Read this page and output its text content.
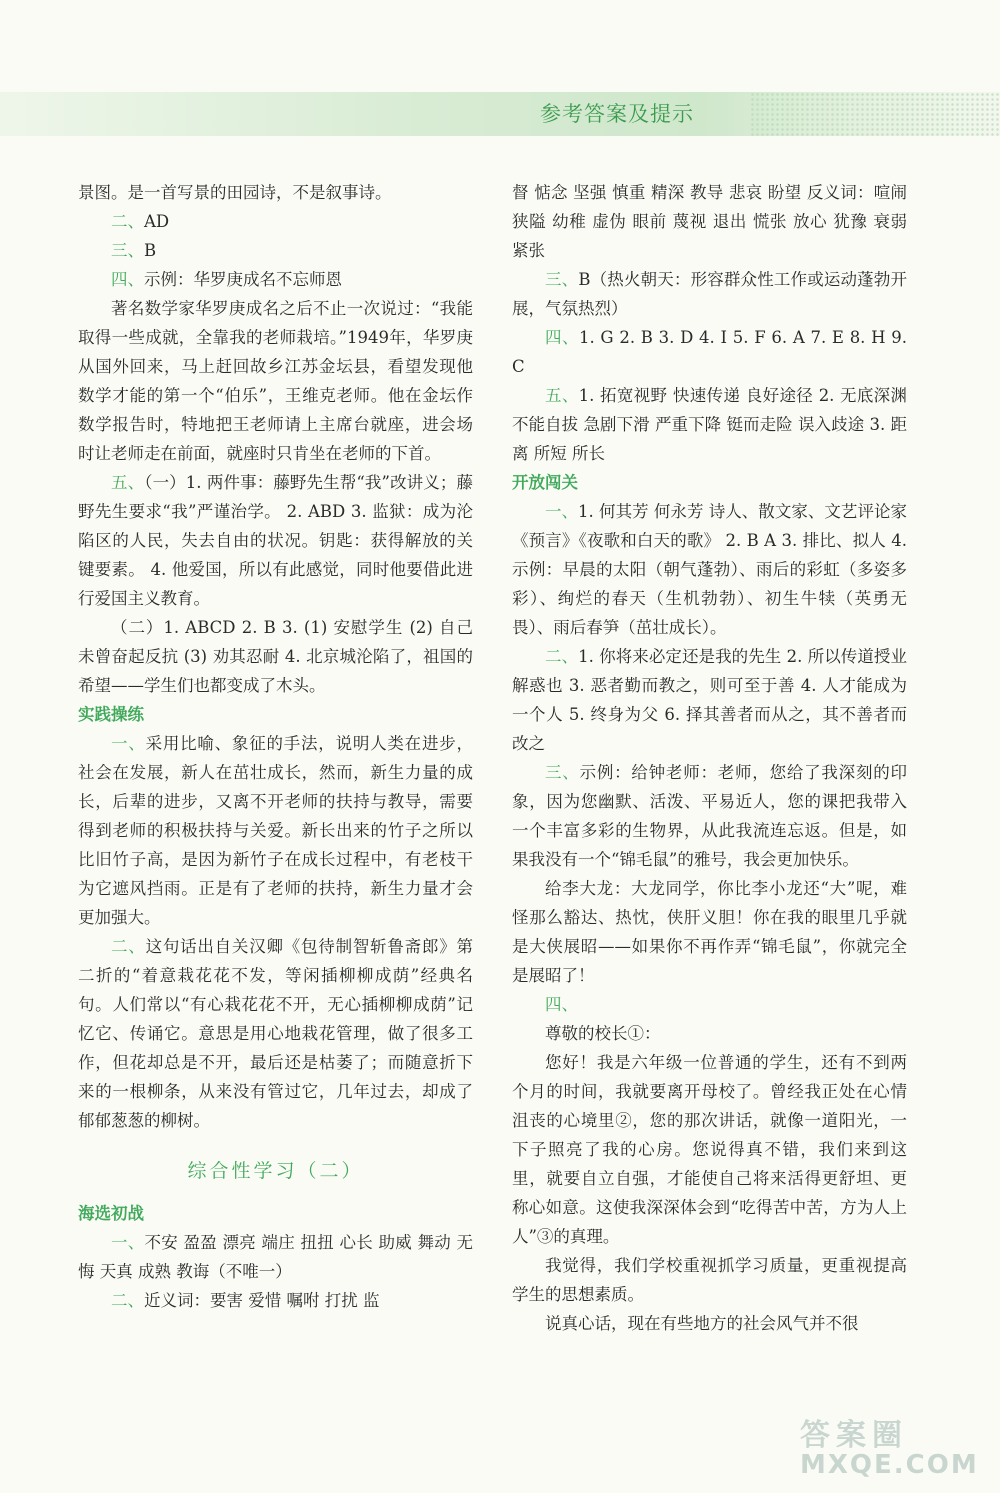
参考答案及提示

景图。是一首写景的田园诗，不是叙事诗。

二、AD

三、B

四、示例：华罗庚成名不忘师恩

著名数学家华罗庚成名之后不止一次说过：“我能取得一些成就，全靠我的老师栽培。”1949年，华罗庚从国外回来，马上赶回故乡江苏金坛县，看望发现他数学才能的第一个“伯乐”，王维克老师。他在金坛作数学报告时，特地把王老师请上主席台就座，进会场时让老师走在前面，就座时只肯坐在老师的下首。

五、（一）1. 两件事：藤野先生帮“我”改讲义；藤野先生要求“我”严谨治学。 2. ABD 3. 监狱：成为沦陷区的人民，失去自由的状况。钥匙：获得解放的关键要素。 4. 他爱国，所以有此感觉，同时他要借此进行爱国主义教育。

（二）1. ABCD 2. B 3. (1) 安慰学生 (2) 自己未曾奋起反抗 (3) 劝其忍耐 4. 北京城沦陷了，祖国的希望——学生们也都变成了木头。

实践操练

一、采用比喻、象征的手法，说明人类在进步，社会在发展，新人在茁壮成长，然而，新生力量的成长，后辈的进步，又离不开老师的扶持与教导，需要得到老师的积极扶持与关爱。新长出来的竹子之所以比旧竹子高，是因为新竹子在成长过程中，有老枝干为它遮风挡雨。正是有了老师的扶持，新生力量才会更加强大。

二、这句话出自关汉卿《包待制智斩鲁斋郎》第二折的“着意栽花花不发，等闲插柳柳成荫”经典名句。人们常以“有心栽花花不开，无心插柳柳成荫”记忆它、传诵它。意思是用心地栽花管理，做了很多工作，但花却总是不开，最后还是枯萎了；而随意折下来的一根柳条，从来没有管过它，几年过去，却成了郁郁葱葱的柳树。

综合性学习（二）
海选初战

一、不安 盈盈 漂亮 端庄 扭扭 心长 助威 舞动 无悔 天真 成熟 教诲（不唯一）

二、近义词：要害 爱惜 嘱咐 打扰 监

督 惦念 坚强 慎重 精深 教导 悲哀 盼望 反义词：喧闹 狭隘 幼稚 虚伪 眼前 蔑视 退出 慌张 放心 犹豫 衰弱 紧张

三、B（热火朝天：形容群众性工作或运动蓬勃开展，气氛热烈）

四、1. G 2. B 3. D 4. I 5. F 6. A 7. E 8. H 9. C

五、1. 拓宽视野 快速传递 良好途径 2. 无底深渊 不能自拔 急剧下滑 严重下降 铤而走险 误入歧途 3. 距离 所短 所长

开放闯关

一、1. 何其芳 何永芳 诗人、散文家、文艺评论家 《预言》《夜歌和白天的歌》 2. B A 3. 排比、拟人 4. 示例：早晨的太阳（朝气蓬勃）、雨后的彩虹（多姿多彩）、绚烂的春天（生机勃勃）、初生牛犊（英勇无畏）、雨后春笋（茁壮成长）。

二、1. 你将来必定还是我的先生 2. 所以传道授业解惑也 3. 恶者勤而教之，则可至于善 4. 人才能成为一个人 5. 终身为父 6. 择其善者而从之，其不善者而改之

三、示例：给钟老师：老师，您给了我深刻的印象，因为您幽默、活泼、平易近人，您的课把我带入一个丰富多彩的生物界，从此我流连忘返。但是，如果我没有一个“锦毛鼠”的雅号，我会更加快乐。

给李大龙：大龙同学，你比李小龙还“大”呢，难怪那么豁达、热忱，侠肝义胆！你在我的眼里几乎就是大侠展昭——如果你不再作弄“锦毛鼠”，你就完全是展昭了！

四、

尊敬的校长①：

您好！我是六年级一位普通的学生，还有不到两个月的时间，我就要离开母校了。曾经我正处在心情沮丧的心境里②，您的那次讲话，就像一道阳光，一下子照亮了我的心房。您说得真不错，我们来到这里，就要自立自强，才能使自己将来活得更舒坦、更称心如意。这使我深深体会到“吃得苦中苦，方为人上人”③的真理。

我觉得，我们学校重视抓学习质量，更重视提高学生的思想素质。

说真心话，现在有些地方的社会风气并不很

答案圈
MXQE.COM
